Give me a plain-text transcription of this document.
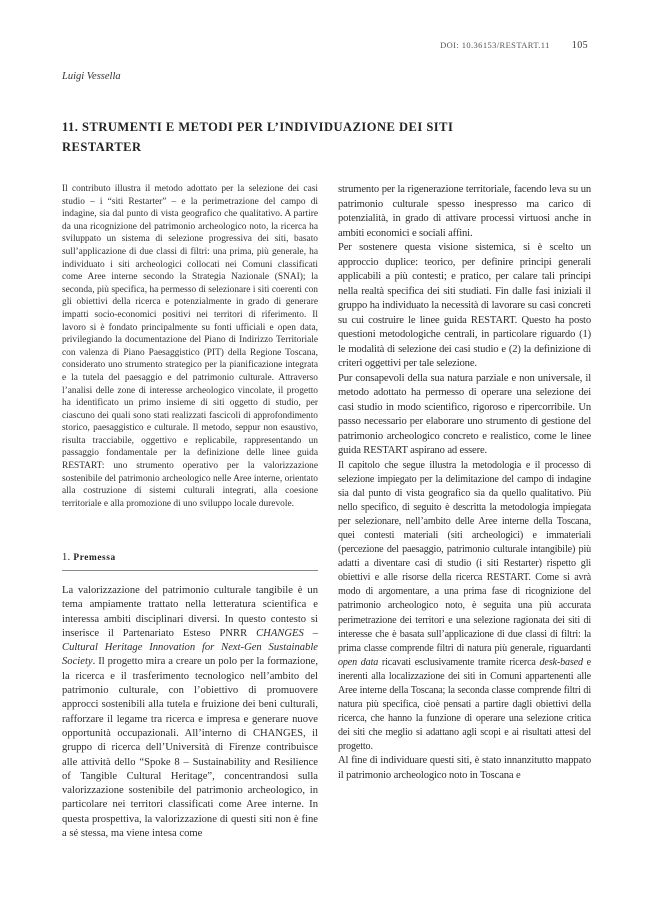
DOI: 10.36153/RESTART.11 105
Luigi Vessella
11. STRUMENTI E METODI PER L’INDIVIDUAZIONE DEI SITI RESTARTER

Il contributo illustra il metodo adottato per la selezione dei casi studio – i “siti Restarter” – e la perimetrazione del campo di indagine, sia dal punto di vista geografico che qualitativo. A partire da una ricognizione del patrimonio archeologico noto, la ricerca ha sviluppato un sistema di selezione progressiva dei siti, basato sull’applicazione di due classi di filtri: una prima, più generale, ha individuato i siti archeologici collocati nei Comuni classificati come Aree interne secondo la Strategia Nazionale (SNAI); la seconda, più specifica, ha permesso di selezionare i siti coerenti con gli obiettivi della ricerca e potenzialmente in grado di generare impatti socio-economici positivi nei territori di riferimento. Il lavoro si è fondato principalmente su fonti ufficiali e open data, privilegiando la documentazione del Piano di Indirizzo Territoriale con valenza di Piano Paesaggistico (PIT) della Regione Toscana, considerato uno strumento strategico per la pianificazione integrata e la tutela del paesaggio e del patrimonio culturale. Attraverso l’analisi delle zone di interesse archeologico vincolate, il progetto ha identificato un primo insieme di siti oggetto di studio, per ciascuno dei quali sono stati realizzati fascicoli di approfondimento storico, paesaggistico e culturale. Il metodo, seppur non esaustivo, risulta tracciabile, oggettivo e replicabile, rappresentando un passaggio fondamentale per la definizione delle linee guida RESTART: uno strumento operativo per la valorizzazione sostenibile del patrimonio archeologico nelle Aree interne, orientato alla costruzione di sistemi culturali integrati, alla coesione territoriale e alla promozione di uno sviluppo locale durevole.

1. Premessa

La valorizzazione del patrimonio culturale tangibile è un tema ampiamente trattato nella letteratura scientifica e interessa ambiti disciplinari diversi. In questo contesto si inserisce il Partenariato Esteso PNRR CHANGES – Cultural Heritage Innovation for Next-Gen Sustainable Society. Il progetto mira a creare un polo per la formazione, la ricerca e il trasferimento tecnologico nell’ambito del patrimonio culturale, con l’obiettivo di promuovere approcci sostenibili alla tutela e fruizione dei beni culturali, rafforzare il legame tra ricerca e impresa e generare nuove opportunità occupazionali. All’interno di CHANGES, il gruppo di ricerca dell’Università di Firenze contribuisce alle attività dello “Spoke 8 – Sustainability and Resilience of Tangible Cultural Heritage”, concentrandosi sulla valorizzazione sostenibile del patrimonio archeologico, in particolare nei territori classificati come Aree interne. In questa prospettiva, la valorizzazione di questi siti non è fine a sé stessa, ma viene intesa come

strumento per la rigenerazione territoriale, facendo leva su un patrimonio culturale spesso inespresso ma carico di potenzialità, in grado di attivare processi virtuosi anche in ambiti economici e sociali affini.

Per sostenere questa visione sistemica, si è scelto un approccio duplice: teorico, per definire principi generali applicabili a più contesti; e pratico, per calare tali principi nella realtà specifica dei siti studiati. Fin dalle fasi iniziali il gruppo ha individuato la necessità di lavorare su casi concreti su cui costruire le linee guida RESTART. Questo ha posto questioni metodologiche centrali, in particolare riguardo (1) le modalità di selezione dei casi studio e (2) la definizione di criteri oggettivi per tale selezione.

Pur consapevoli della sua natura parziale e non universale, il metodo adottato ha permesso di operare una selezione dei casi studio in modo scientifico, rigoroso e ripercorribile. Un passo necessario per elaborare uno strumento di gestione del patrimonio archeologico concreto e realistico, come le linee guida RESTART aspirano ad essere.

Il capitolo che segue illustra la metodologia e il processo di selezione impiegato per la delimitazione del campo di indagine sia dal punto di vista geografico sia da quello qualitativo. Più nello specifico, di seguito è descritta la metodologia impiegata per selezionare, nell’ambito delle Aree interne della Toscana, quei contesti materiali (siti archeologici) e immateriali (percezione del paesaggio, patrimonio culturale intangibile) più adatti a diventare casi di studio (i siti Restarter) rispetto gli obiettivi e alle risorse della ricerca RESTART. Come si avrà modo di argomentare, a una prima fase di ricognizione del patrimonio archeologico noto, è seguita una più accurata perimetrazione dei territori e una selezione ragionata dei siti di interesse che è basata sull’applicazione di due classi di filtri: la prima classe comprende filtri di natura più generale, riguardanti open data ricavati esclusivamente tramite ricerca desk-based e inerenti alla localizzazione dei siti in Comuni appartenenti alle Aree interne della Toscana; la seconda classe comprende filtri di natura più specifica, cioè pensati a partire dagli obiettivi della ricerca, che hanno la funzione di operare una selezione critica dei siti che meglio si adattano agli scopi e ai risultati attesi del progetto.

Al fine di individuare questi siti, è stato innanzitutto mappato il patrimonio archeologico noto in Toscana e
